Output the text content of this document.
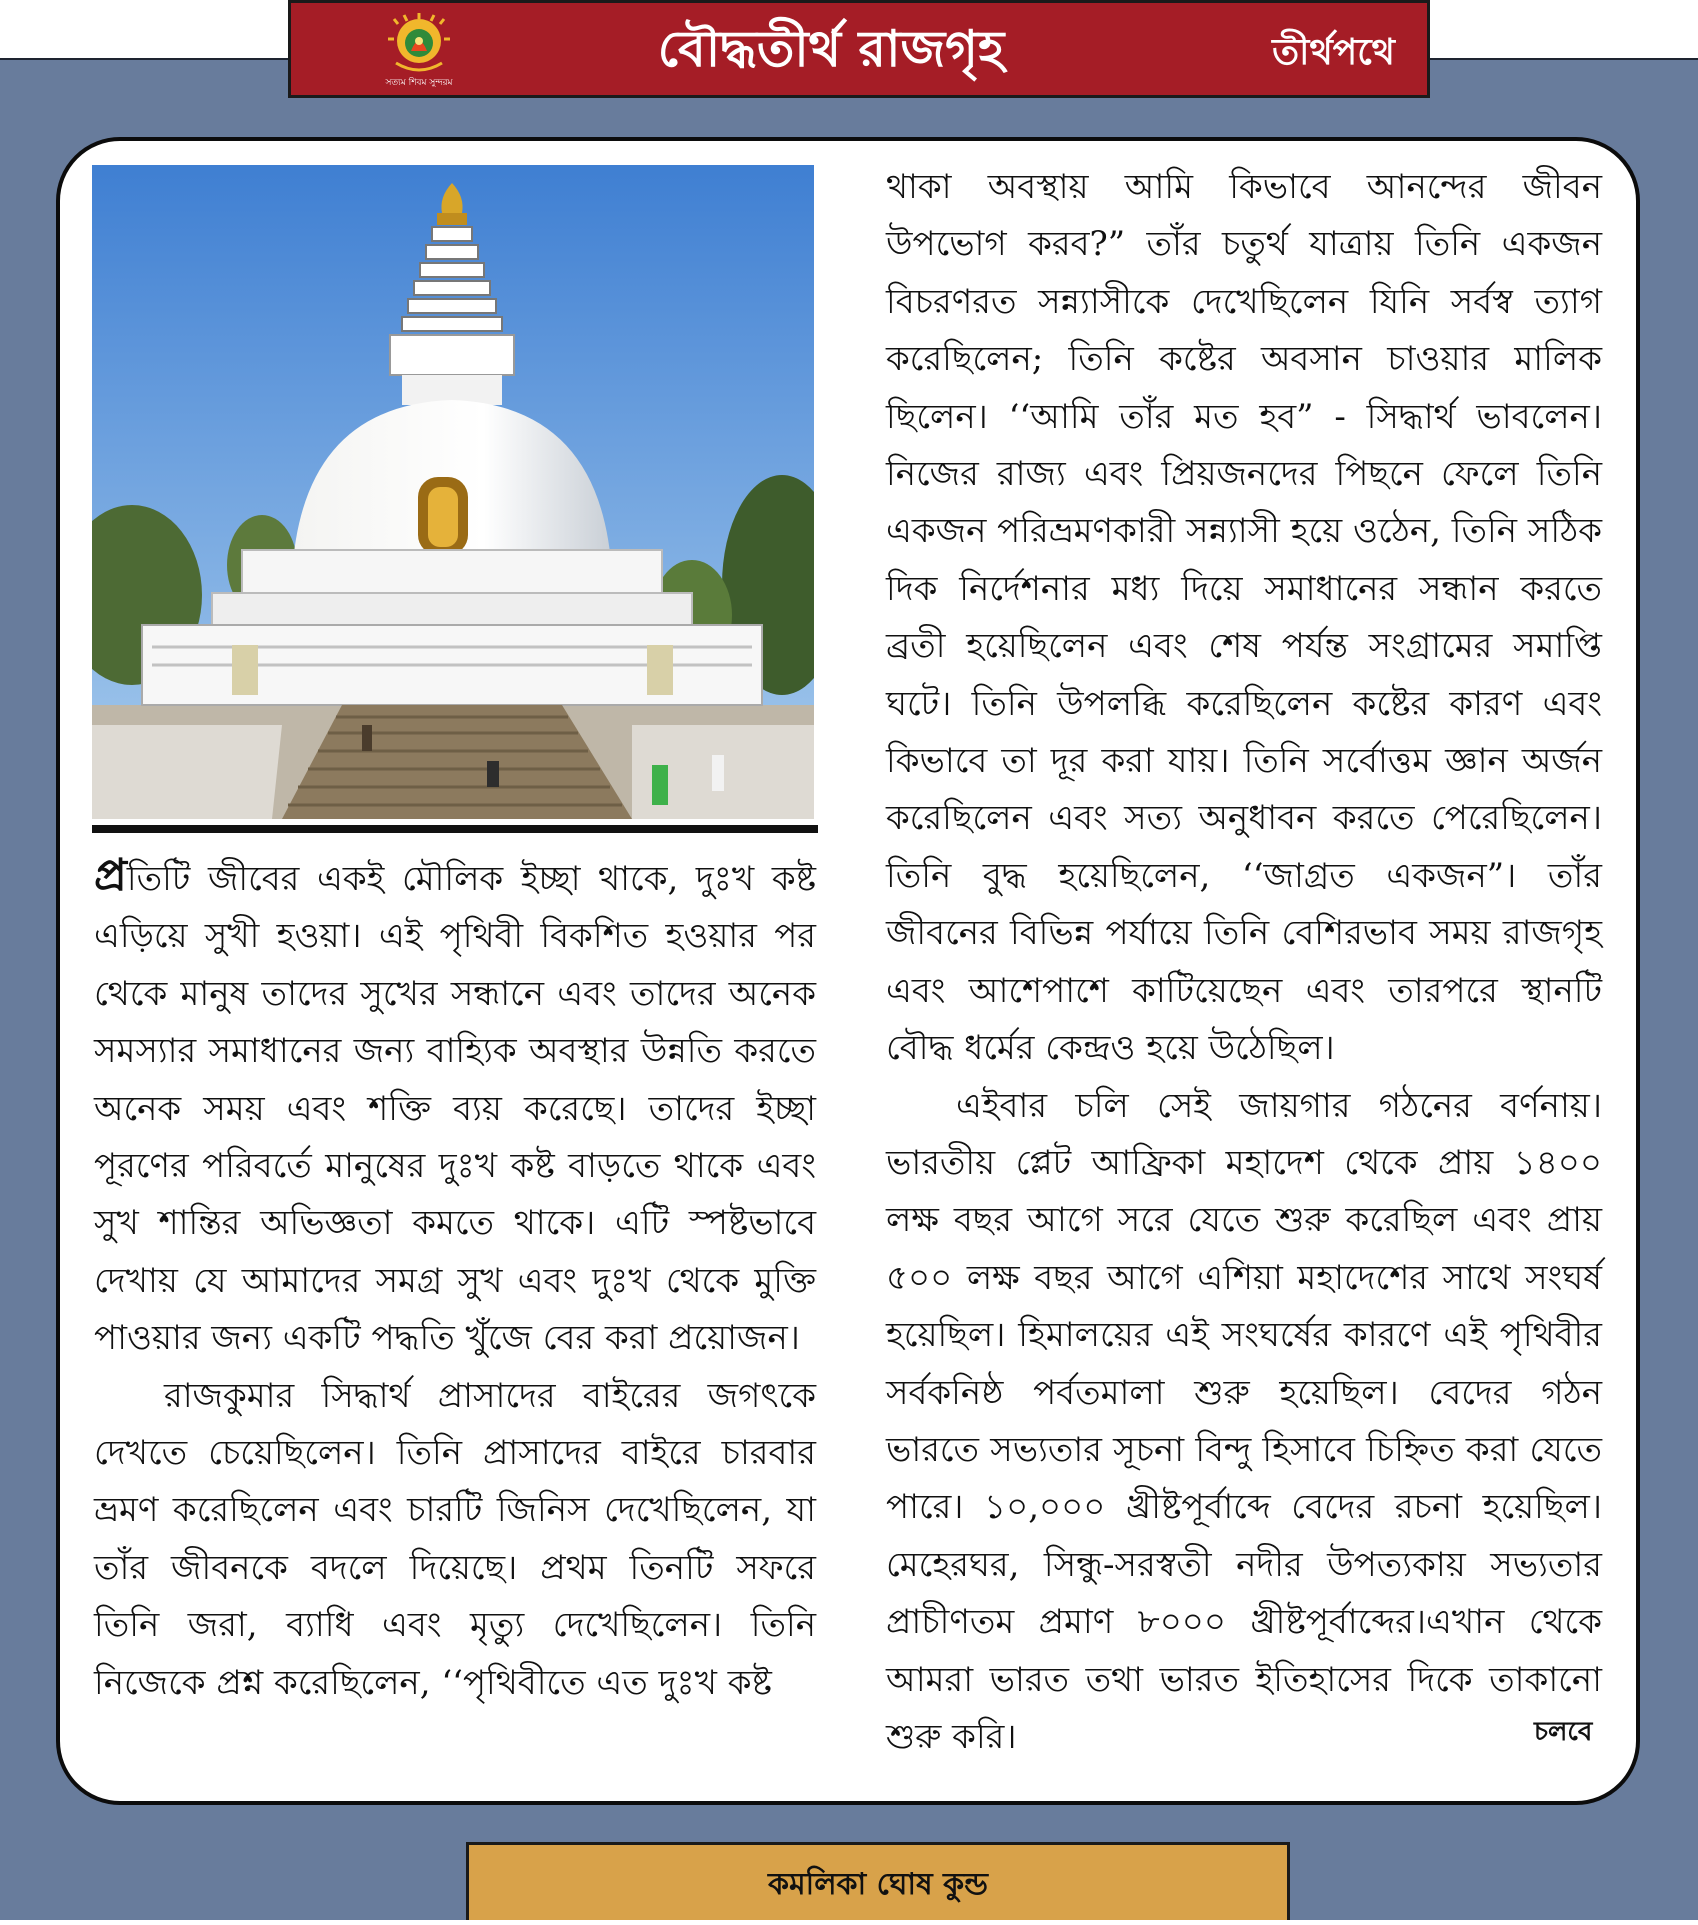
সত্যম শিবম সুন্দরম
বৌদ্ধতীর্থ রাজগৃহ	তীর্থপথে

প্রতিটি জীবের একই মৌলিক ইচ্ছা থাকে, দুঃখ কষ্ট এড়িয়ে সুখী হওয়া। এই পৃথিবী বিকশিত হওয়ার পর থেকে মানুষ তাদের সুখের সন্ধানে এবং তাদের অনেক সমস্যার সমাধানের জন্য বাহ্যিক অবস্থার উন্নতি করতে অনেক সময় এবং শক্তি ব্যয় করেছে। তাদের ইচ্ছা পূরণের পরিবর্তে মানুষের দুঃখ কষ্ট বাড়তে থাকে এবং সুখ শান্তির অভিজ্ঞতা কমতে থাকে। এটি স্পষ্টভাবে দেখায় যে আমাদের সমগ্র সুখ এবং দুঃখ থেকে মুক্তি পাওয়ার জন্য একটি পদ্ধতি খুঁজে বের করা প্রয়োজন।

রাজকুমার সিদ্ধার্থ প্রাসাদের বাইরের জগৎকে দেখতে চেয়েছিলেন। তিনি প্রাসাদের বাইরে চারবার ভ্রমণ করেছিলেন এবং চারটি জিনিস দেখেছিলেন, যা তাঁর জীবনকে বদলে দিয়েছে। প্রথম তিনটি সফরে তিনি জরা, ব্যাধি এবং মৃত্যু দেখেছিলেন। তিনি নিজেকে প্রশ্ন করেছিলেন, ‘‘পৃথিবীতে এত দুঃখ কষ্ট

থাকা অবস্থায় আমি কিভাবে আনন্দের জীবন উপভোগ করব?” তাঁর চতুর্থ যাত্রায় তিনি একজন বিচরণরত সন্ন্যাসীকে দেখেছিলেন যিনি সর্বস্ব ত্যাগ করেছিলেন; তিনি কষ্টের অবসান চাওয়ার মালিক ছিলেন। ‘‘আমি তাঁর মত হব” - সিদ্ধার্থ ভাবলেন। নিজের রাজ্য এবং প্রিয়জনদের পিছনে ফেলে তিনি একজন পরিভ্রমণকারী সন্ন্যাসী হয়ে ওঠেন, তিনি সঠিক দিক নির্দেশনার মধ্য দিয়ে সমাধানের সন্ধান করতে ব্রতী হয়েছিলেন এবং শেষ পর্যন্ত সংগ্রামের সমাপ্তি ঘটে। তিনি উপলব্ধি করেছিলেন কষ্টের কারণ এবং কিভাবে তা দূর করা যায়। তিনি সর্বোত্তম জ্ঞান অর্জন করেছিলেন এবং সত্য অনুধাবন করতে পেরেছিলেন। তিনি বুদ্ধ হয়েছিলেন, ‘‘জাগ্রত একজন”। তাঁর জীবনের বিভিন্ন পর্যায়ে তিনি বেশিরভাব সময় রাজগৃহ এবং আশেপাশে কাটিয়েছেন এবং তারপরে স্থানটি বৌদ্ধ ধর্মের কেন্দ্রও হয়ে উঠেছিল।

এইবার চলি সেই জায়গার গঠনের বর্ণনায়। ভারতীয় প্লেট আফ্রিকা মহাদেশ থেকে প্রায় ১৪০০ লক্ষ বছর আগে সরে যেতে শুরু করেছিল এবং প্রায় ৫০০ লক্ষ বছর আগে এশিয়া মহাদেশের সাথে সংঘর্ষ হয়েছিল। হিমালয়ের এই সংঘর্ষের কারণে এই পৃথিবীর সর্বকনিষ্ঠ পর্বতমালা শুরু হয়েছিল। বেদের গঠন ভারতে সভ্যতার সূচনা বিন্দু হিসাবে চিহ্নিত করা যেতে পারে। ১০,০০০ খ্রীষ্টপূর্বাব্দে বেদের রচনা হয়েছিল। মেহেরঘর, সিন্ধু-সরস্বতী নদীর উপত্যকায় সভ্যতার প্রাচীণতম প্রমাণ ৮০০০ খ্রীষ্টপূর্বাব্দের।এখান থেকে আমরা ভারত তথা ভারত ইতিহাসের দিকে তাকানো শুরু করি।	চলবে
কমলিকা ঘোষ কুন্ড
